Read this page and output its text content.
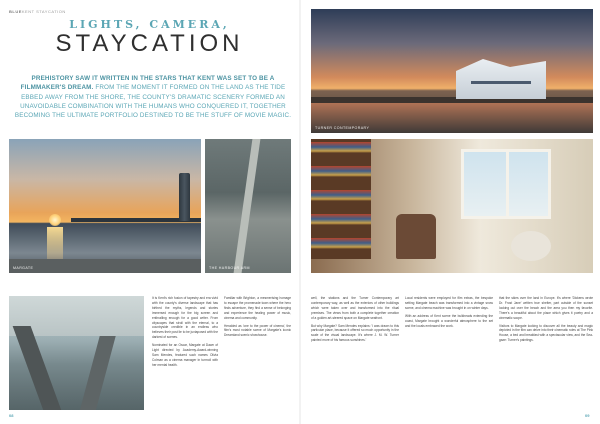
BLUEKENT STAYCATION
LIGHTS, CAMERA,
STAYCATION
PREHISTORY SAW IT WRITTEN IN THE STARS THAT KENT WAS SET TO BE A FILMMAKER'S DREAM. FROM THE MOMENT IT FORMED ON THE LAND AS THE TIDE EBBED AWAY FROM THE SHORE, THE COUNTY'S DRAMATIC SCENERY FORMED AN UNAVOIDABLE COMBINATION WITH THE HUMANS WHO CONQUERED IT, TOGETHER BECOMING THE ULTIMATE PORTFOLIO DESTINED TO BE THE STUFF OF MOVIE MAGIC.
MARGATE	THE HARBOUR ARM

It is Kent's rich fusion of tapestry and era vivid with the county's diverse landscape that has birthed the myths, legends and stories immersed enough for the big screen and enthralling enough for a good writer. From cityscapes that stroll with the eternal, to a countryside credible in an endless who believes their post lie to be juxtaposed with the darkest of scenes.

Nominated for an Oscar, Margate at Dawn of Light directed by Academy-Award-winning Sam Mendes, featured such names Olivia Colman as a cinema manager in turmoil with her mental health.

Familiar with Brighton, a mesmerising homage to escape the promenade town where the hero finds adventure, they find a sense of belonging and experience the healing power of music, cinema and community.

Heralded as 'one to the power of cinema', the film's most notable scene of Margate's iconic Dreamland scenic showhouse.

08
TURNER CONTEMPORARY

well, the stations and the Turner Contemporary art contemporary way, as well as the exteriors of other buildings which were taken over and transformed into the ritual premises. The views from both a complete together creation of a golden art-steered space on Margate seafront.

But why Margate? Sam Mendes explains: 'I was drawn to this particular place, because it offered so much opportunity in the scale of the visual landscape. It's where J. M. W. Turner painted more of his famous sunshines.'

Local residents were employed for film extras, the bespoke setting Margate beach was transformed into a vintage snow scene, and cinema machine was brought in on winter days.

With an address of Kent scene the bulkheads extending the coast, Margate brought a wonderful atmosphere to the set and the locals embraced the work.

that the skies over the land in Europe. It's where 'Dickens wrote Dr. Frost Jane' written true shelter, part outside of the sunset looking out over the beach and the area you then my favorite. There's a beautiful about the place which gives it poetry and a cinematic scope.

Visitors to Margate looking to discover all the beauty and magic depicted in the film can delve into their cinematic roles at The Pink House, a bed and breakfast with a spectacular view, and the Sea-gaze: Turner's paintings.

09
